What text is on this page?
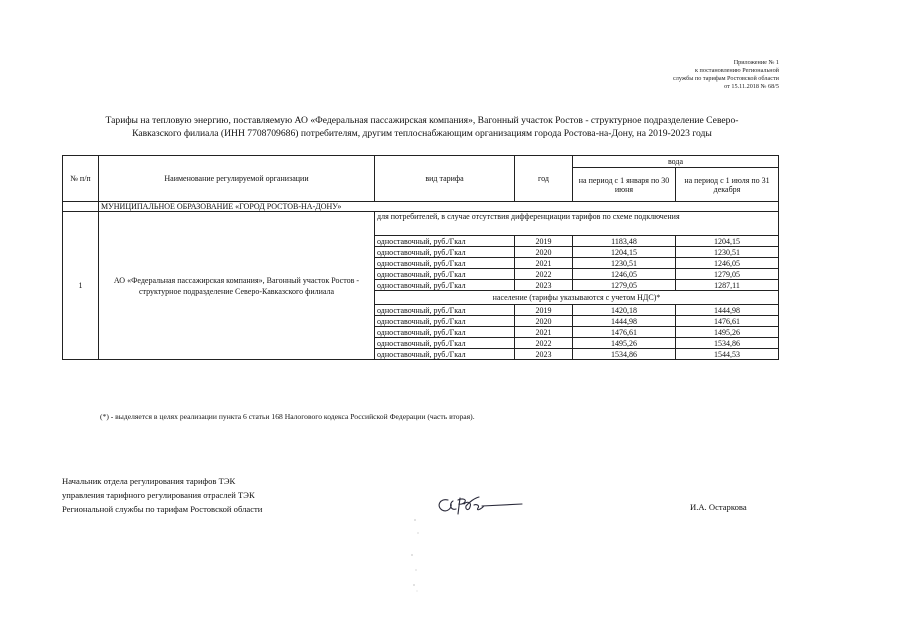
Приложение № 1
к постановлению Региональной
службы по тарифам Ростовской области
от 15.11.2018 № 68/5
Тарифы на тепловую энергию, поставляемую АО «Федеральная пассажирская компания», Вагонный участок Ростов - структурное подразделение Северо-
Кавказского филиала (ИНН 7708709686) потребителям, другим теплоснабжающим организациям города Ростова-на-Дону, на 2019-2023 годы
№ п/п	Наименование регулируемой организации	вид тарифа	год	вода	
				на период с 1 января по 30 июня	на период с 1 июля по 31 декабря
	МУНИЦИПАЛЬНОЕ ОБРАЗОВАНИЕ «ГОРОД РОСТОВ-НА-ДОНУ»				
1	АО «Федеральная пассажирская компания», Вагонный участок Ростов - структурное подразделение Северо-Кавказского филиала	для потребителей, в случае отсутствия дифференциации тарифов по схеме подключения			
		одноставочный, руб./Гкал	2019	1183,48	1204,15
		одноставочный, руб./Гкал	2020	1204,15	1230,51
		одноставочный, руб./Гкал	2021	1230,51	1246,05
		одноставочный, руб./Гкал	2022	1246,05	1279,05
		одноставочный, руб./Гкал	2023	1279,05	1287,11
		население (тарифы указываются с учетом НДС)*			
		одноставочный, руб./Гкал	2019	1420,18	1444,98
		одноставочный, руб./Гкал	2020	1444,98	1476,61
		одноставочный, руб./Гкал	2021	1476,61	1495,26
		одноставочный, руб./Гкал	2022	1495,26	1534,86
		одноставочный, руб./Гкал	2023	1534,86	1544,53
(*) - выделяется в целях реализации пункта 6 статьи 168 Налогового кодекса Российской Федерации (часть вторая).
Начальник отдела регулирования тарифов ТЭК
управления тарифного регулирования отраслей ТЭК
Региональной службы по тарифам Ростовской области	И.А. Остаркова
